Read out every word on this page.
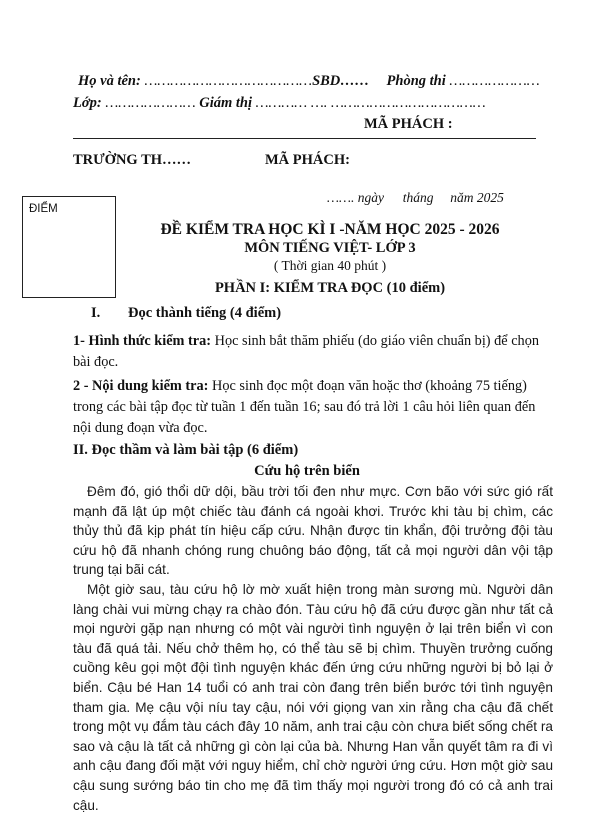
Họ và tên: …………………………………SBD…… Phòng thi …………………
Lớp: ………………… Giám thị ………… …. ………………………………
MÃ PHÁCH :
TRƯỜNG TH……	MÃ PHÁCH:
……. ngày tháng năm 2025
ĐIỂM
ĐỀ KIỂM TRA HỌC KÌ I -NĂM HỌC 2025 - 2026
MÔN TIẾNG VIỆT- LỚP 3
( Thời gian 40 phút )
PHẦN I: KIỂM TRA ĐỌC (10 điểm)
I. Đọc thành tiếng (4 điểm)
1- Hình thức kiểm tra: Học sinh bắt thăm phiếu (do giáo viên chuẩn bị) để chọn bài đọc.
2 - Nội dung kiểm tra: Học sinh đọc một đoạn văn hoặc thơ (khoảng 75 tiếng) trong các bài tập đọc từ tuần 1 đến tuần 16; sau đó trả lời 1 câu hỏi liên quan đến nội dung đoạn vừa đọc.
II. Đọc thầm và làm bài tập (6 điểm)
Cứu hộ trên biển

Đêm đó, gió thổi dữ dội, bầu trời tối đen như mực. Cơn bão với sức gió rất mạnh đã lật úp một chiếc tàu đánh cá ngoài khơi. Trước khi tàu bị chìm, các thủy thủ đã kịp phát tín hiệu cấp cứu. Nhận được tin khẩn, đội trưởng đội tàu cứu hộ đã nhanh chóng rung chuông báo động, tất cả mọi người dân vội tập trung tại bãi cát.

Một giờ sau, tàu cứu hộ lờ mờ xuất hiện trong màn sương mù. Người dân làng chài vui mừng chạy ra chào đón. Tàu cứu hộ đã cứu được gần như tất cả mọi người gặp nạn nhưng có một vài người tình nguyện ở lại trên biển vì con tàu đã quá tải. Nếu chở thêm họ, có thể tàu sẽ bị chìm. Thuyền trưởng cuống cuồng kêu gọi một đội tình nguyện khác đến ứng cứu những người bị bỏ lại ở biển. Cậu bé Han 14 tuổi có anh trai còn đang trên biển bước tới tình nguyện tham gia. Mẹ cậu vội níu tay cậu, nói với giọng van xin rằng cha cậu đã chết trong một vụ đắm tàu cách đây 10 năm, anh trai cậu còn chưa biết sống chết ra sao và cậu là tất cả những gì còn lại của bà. Nhưng Han vẫn quyết tâm ra đi vì anh cậu đang đối mặt với nguy hiểm, chỉ chờ người ứng cứu. Hơn một giờ sau cậu sung sướng báo tin cho mẹ đã tìm thấy mọi người trong đó có cả anh trai cậu.
